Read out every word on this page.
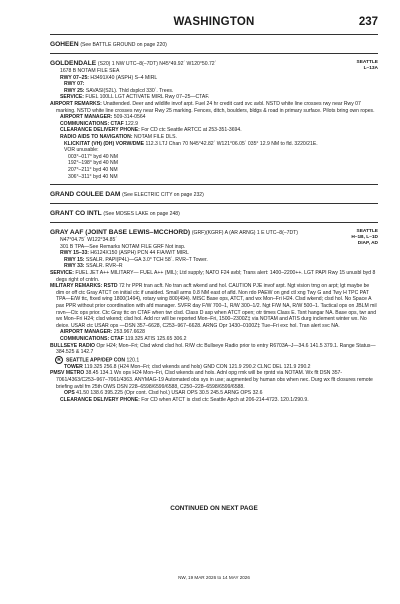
WASHINGTON	237
GOHEEN (See BATTLE GROUND on page 220)
SEATTLE
L–13A
GOLDENDALE (S20) 1 NW UTC–8(–7DT) N45°49.92´ W120°50.72´
1678 B NOTAM FILE SEA
RWY 07–25: H3491X40 (ASPH) S–4 MIRL
RWY 07:
RWY 25: SAVASI(S2L). Thld dsplcd 330´. Trees.
SERVICE: FUEL 100LL LGT ACTIVATE MIRL Rwy 07–25—CTAF.
AIRPORT REMARKS: Unattended. Deer and wildlife invof arpt. Fuel 24 hr credit card svc avbl. NSTD white line crosses rwy near Rwy 07 marking. NSTD white line crosses rwy near Rwy 25 marking. Fences, ditch, boulders, bldgs & road in primary surface. Pilots bring own ropes.
AIRPORT MANAGER: 509-314-0564
COMMUNICATIONS: CTAF 122.9
CLEARANCE DELIVERY PHONE: For CD ctc Seattle ARTCC at 253-351-3694.
RADIO AIDS TO NAVIGATION: NOTAM FILE DLS.
KLICKITAT (VH) (DH) VORW/DME 112.3 LTJ Chan 70 N45°42.82´ W121°06.05´ 035° 12.9 NM to fld. 3220/21E.
VOR unusable:
003°–017° byd 40 NM
192°–198° byd 40 NM
207°–211° byd 40 NM
306°–311° byd 40 NM
GRAND COULEE DAM (See ELECTRIC CITY on page 232)
GRANT CO INTL (See MOSES LAKE on page 248)
SEATTLE
H–1B, L–1D
DIAP, AD
GRAY AAF (JOINT BASE LEWIS–MCCHORD) (GRF)(KGRF) A (AR ARNG) 1 E UTC–8(–7DT)
N47°04.75´ W122°34.85´
301 B TPA—See Remarks NOTAM FILE GRF Not insp.
RWY 15–33: H6124X150 (ASPH) PCN 44 F/A/W/T MIRL
RWY 15: SSALR. PAPI(P4L)—GA 3.0° TCH 58´. RVR–T Tower.
RWY 33: SSALR. RVR–R
SERVICE: FUEL JET A++ MILITARY— FUEL A++ (MIL); Ltd supply; NATO F24 avbl; Trans alert: 1400–2200++. LGT PAPI Rwy 15 unusbl byd 8 degs right of cntrln.
MILITARY REMARKS: RSTD 72 hr PPR tran acft. No tran acft wkend and hol. CAUTION PJE invof arpt. Ngt vision trng on arpt; lgt maybe be dim or off ctc Gray ATCT on initial ctc if unaided. Small arms 0.8 NM east of afld. Non rdo PAEW on gnd ctl xng Twy G and Twy H TPC PAT TPA—E/W ttc, fixed wing 1800(1494), rotary wing 800(494). MISC Base ops, ATCT, and wx Mon–Fri H24. Clsd wkend; clsd hol. No Space A pax PPR without prior coordination with afd manager. SVFR day F/W 700–1, R/W 300–1/2. Ngt F/W NA, R/W 500–1. Tactical ops on JBLM mil rsvn—Ctc ops prior. Ctc Gray ttc on CTAF when twr clsd. Class D asp when ATCT open; otr times Class E. Tsnt hangar NA. Base ops, twr and wx Mon–Fri H24; clsd wkend; clsd hol. Add rcr will be reported Mon–Fri, 1500–2300Z‡ via NOTAM and ATIS durg inclement winter wx. No deice. USAR ctc USAR ops —DSN 357–6628, C253–967–6628. ARNG Opr 1430–0100Z‡ Tue–Fri exc hol. Tran alert svc NA.
AIRPORT MANAGER: 253.967.6628
COMMUNICATIONS: CTAF 119.325 ATIS 125.65 306.2
BULLSEYE RADIO Opr H24; Mon–Fri; Clsd wknd clsd hol. R/W ctc Bullseye Radio prior to entry R6703A–J—34.6 141.5 379.1. Range Status—384.525 & 142.7
R SEATTLE APP/DEP CON 120.1
TOWER 119.325 256.8 (H24 Mon–Fri; clsd wkends and hols) GND CON 121.9 290.2 CLNC DEL 121.9 290.2
PMSV METRO 38.45 134.1 Wx ops H24 Mon–Fri, Clsd wkends and hols. Adnl opg rmk will be rpntd via NOTAM. Wx flt DSN 357-7061/4363/C253–967–7061/4363. ANYMAG-19 Automated obs sys in use; augmented by human obs when nec. Durg wx flt closures remote briefing avbl fm 25th OWS DSN 228–6598/6599/6588, C250–228–6598/6599/6588.
OPS 41.50 138.6 395.225 (Opr cont. Clsd hol.) USAR OPS 30.5 245.5 ARNG OPS 32.6
CLEARANCE DELIVERY PHONE: For CD when ATCT is clsd ctc Seattle Apch at 206-214-4723. 120.1/290.9.
CONTINUED ON NEXT PAGE
NW, 19 MAR 2026 to 14 MAY 2026
